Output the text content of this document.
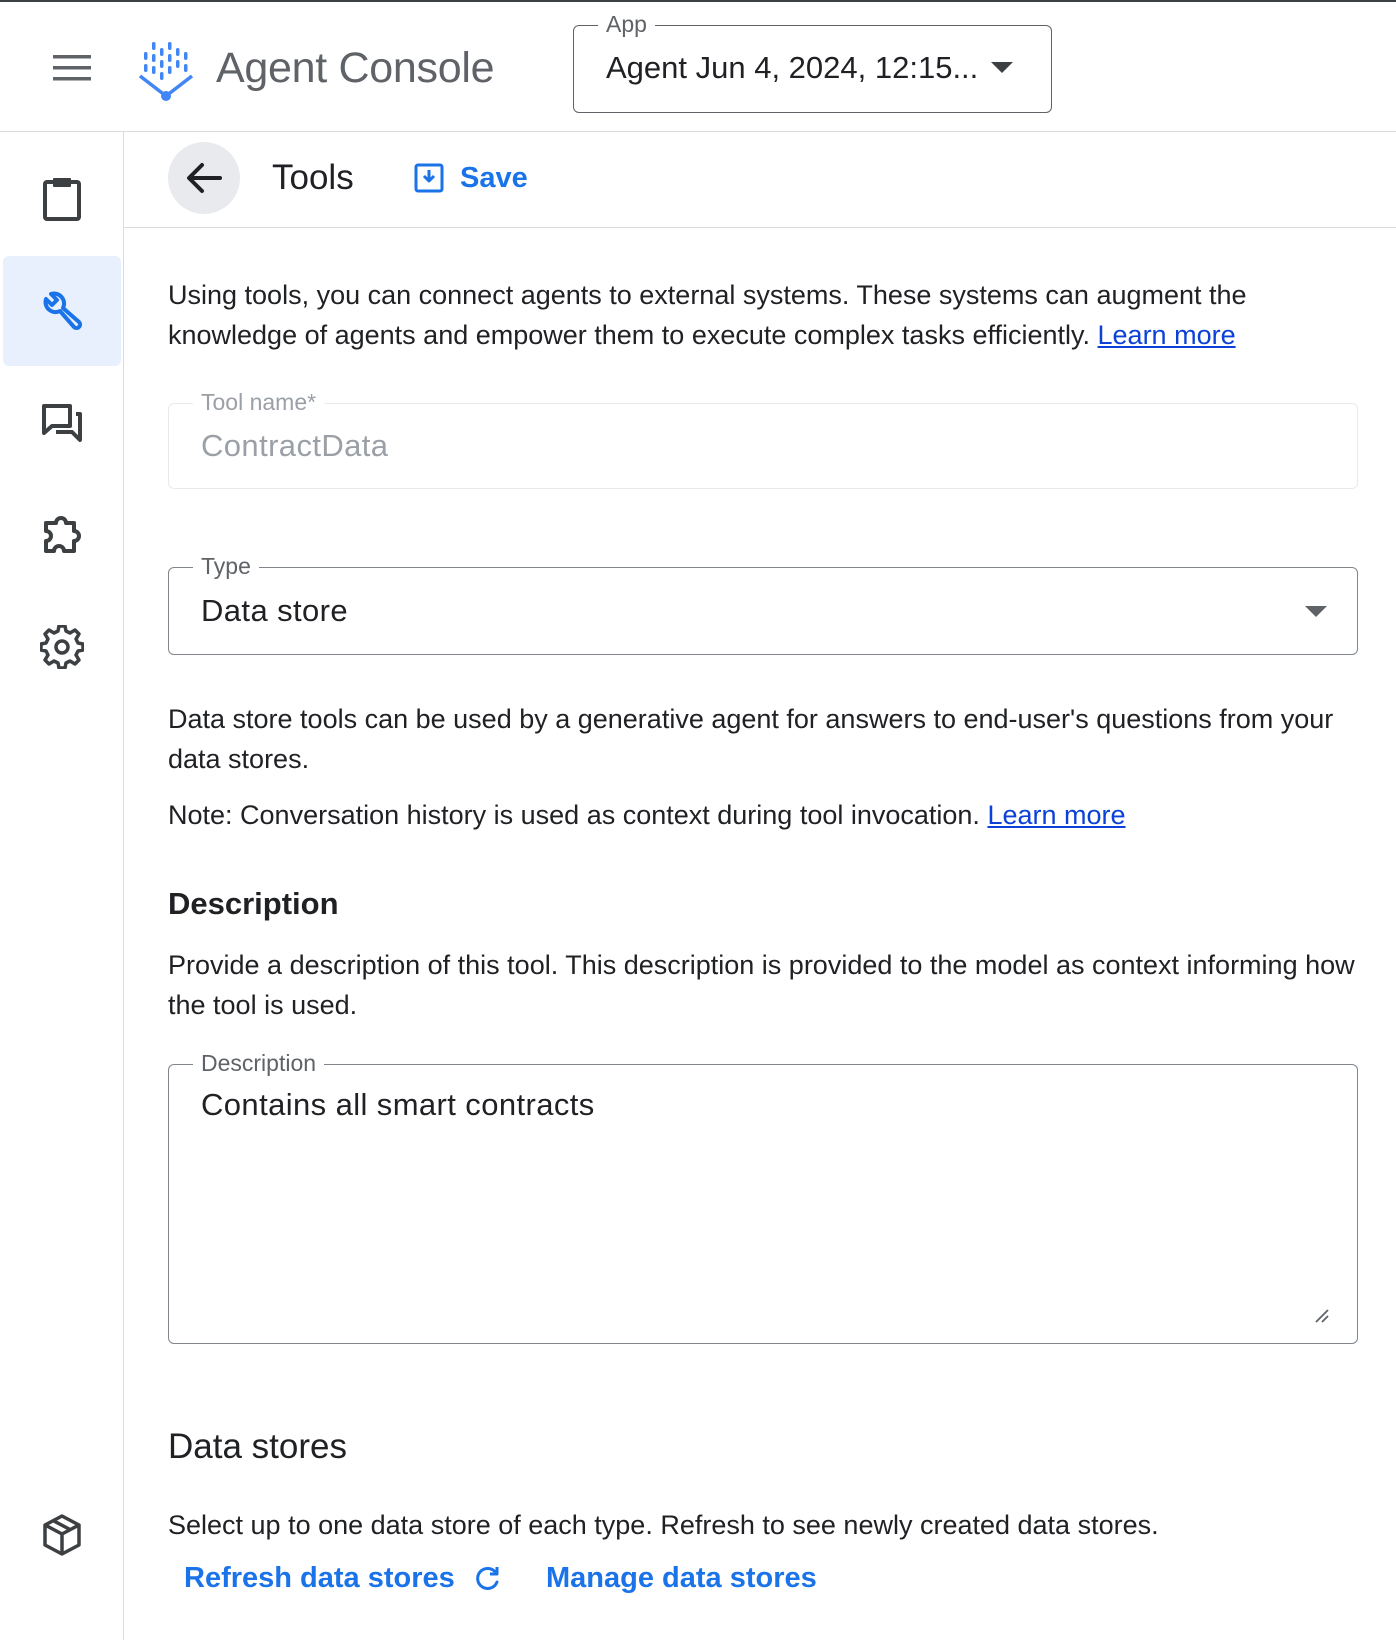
Agent Console
App
Agent Jun 4, 2024, 12:15...
Tools	Save

Using tools, you can connect agents to external systems. These systems can augment the knowledge of agents and empower them to execute complex tasks efficiently. Learn more

Tool name*
ContractData
Type
Data store

Data store tools can be used by a generative agent for answers to end-user's questions from your data stores.

Note: Conversation history is used as context during tool invocation. Learn more

Description

Provide a description of this tool. This description is provided to the model as context informing how the tool is used.

Description
Contains all smart contracts
Data stores

Select up to one data store of each type. Refresh to see newly created data stores.

Refresh data stores	Manage data stores
